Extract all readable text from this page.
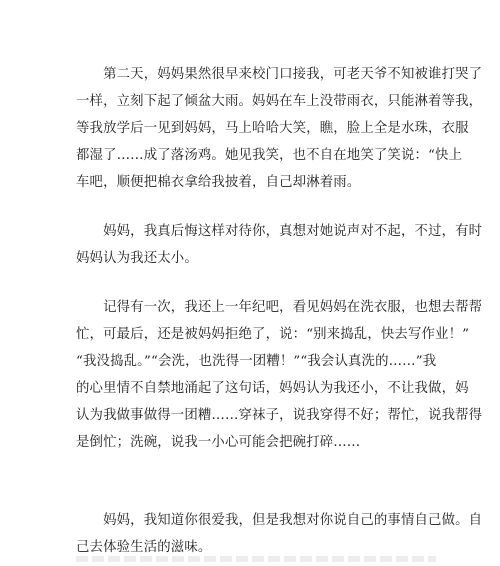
　　第二天，妈妈果然很早来校门口接我，可老天爷不知被谁打哭了
一样，立刻下起了倾盆大雨。妈妈在车上没带雨衣，只能淋着等我，
等我放学后一见到妈妈，马上哈哈大笑，瞧，脸上全是水珠，衣服
都湿了……成了落汤鸡。她见我笑，也不自在地笑了笑说：“快上
车吧，顺便把棉衣拿给我披着，自己却淋着雨。

　　妈妈，我真后悔这样对待你，真想对她说声对不起，不过，有时
妈妈认为我还太小。

　　记得有一次，我还上一年纪吧，看见妈妈在洗衣服，也想去帮帮
忙，可最后，还是被妈妈拒绝了，说：“别来捣乱，快去写作业！”
“我没捣乱。”“会洗，也洗得一团糟！”“我会认真洗的……”我
的心里情不自禁地涌起了这句话，妈妈认为我还小，不让我做，妈
认为我做事做得一团糟……穿袜子，说我穿得不好；帮忙，说我帮得
是倒忙；洗碗，说我一小心可能会把碗打碎……

　　妈妈，我知道你很爱我，但是我想对你说自己的事情自己做。自
己去体验生活的滋味。
